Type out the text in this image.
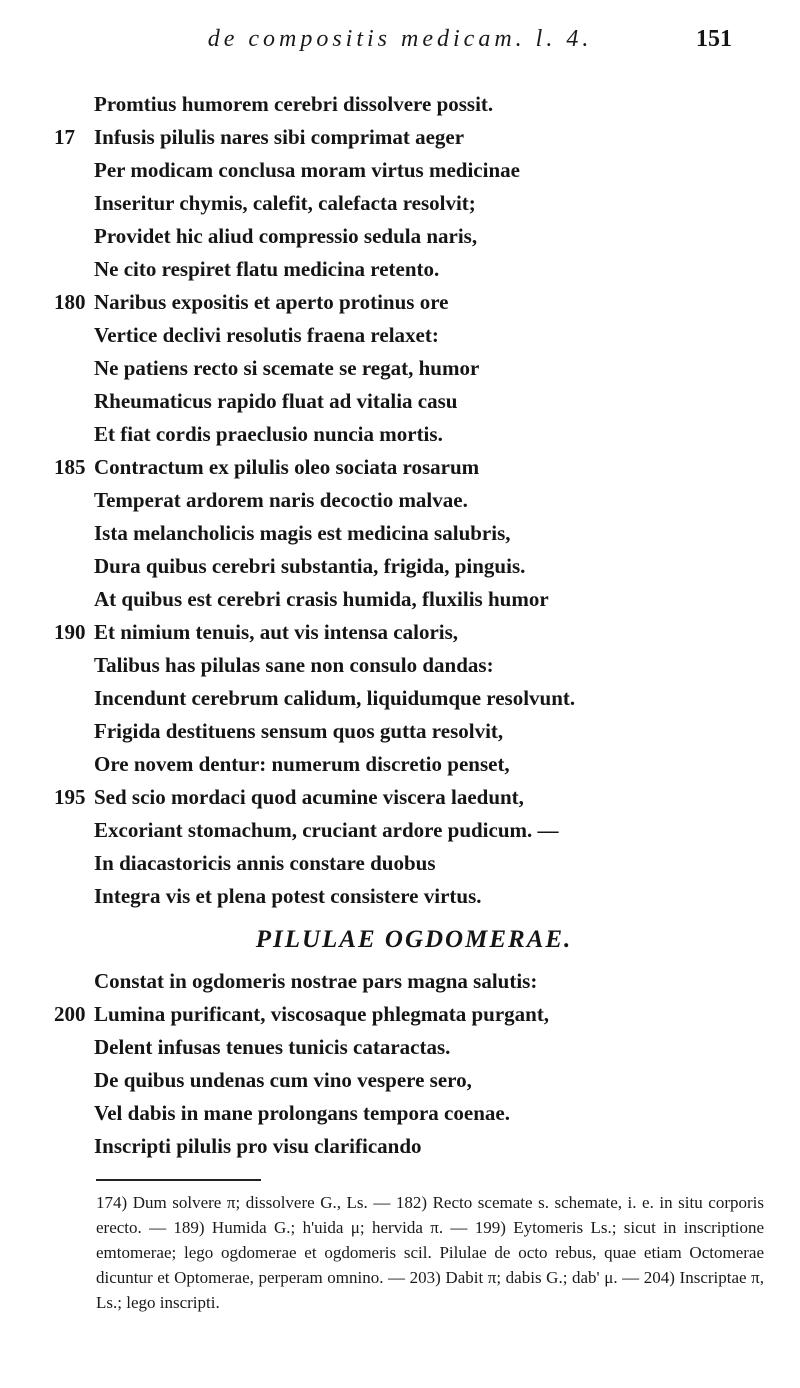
de compositis medicam. l. 4.	151
Promtius humorem cerebri dissolvere possit.
17 Infusis pilulis nares sibi comprimat aeger
Per modicam conclusa moram virtus medicinae
Inseritur chymis, calefit, calefacta resolvit;
Providet hic aliud compressio sedula naris,
Ne cito respiret flatu medicina retento.
180 Naribus expositis et aperto protinus ore
Vertice declivi resolutis fraena relaxet:
Ne patiens recto si scemate se regat, humor
Rheumaticus rapido fluat ad vitalia casu
Et fiat cordis praeclusio nuncia mortis.
185 Contractum ex pilulis oleo sociata rosarum
Temperat ardorem naris decoctio malvae.
Ista melancholicis magis est medicina salubris,
Dura quibus cerebri substantia, frigida, pinguis.
At quibus est cerebri crasis humida, fluxilis humor
190 Et nimium tenuis, aut vis intensa caloris,
Talibus has pilulas sane non consulo dandas:
Incendunt cerebrum calidum, liquidumque resolvunt.
Frigida destituens sensum quos gutta resolvit,
Ore novem dentur: numerum discretio penset,
195 Sed scio mordaci quod acumine viscera laedunt,
Excoriant stomachum, cruciant ardore pudicum. —
In diacastoricis annis constare duobus
Integra vis et plena potest consistere virtus.
PILULAE OGDOMERAE.
Constat in ogdomeris nostrae pars magna salutis:
200 Lumina purificant, viscosaque phlegmata purgant,
Delent infusas tenues tunicis cataractas.
De quibus undenas cum vino vespere sero,
Vel dabis in mane prolongans tempora coenae.
Inscripti pilulis pro visu clarificando
174) Dum solvere π; dissolvere G., Ls. — 182) Recto scemate s. schemate, i. e. in situ corporis erecto. — 189) Humida G.; h'uida μ; hervida π. — 199) Eytomeris Ls.; sicut in inscriptione emtomerae; lego ogdomerae et ogdomeris scil. Pilulae de octo rebus, quae etiam Octomerae dicuntur et Optomerae, perperam omnino. — 203) Dabit π; dabis G.; dab' μ. — 204) Inscriptae π, Ls.; lego inscripti.
